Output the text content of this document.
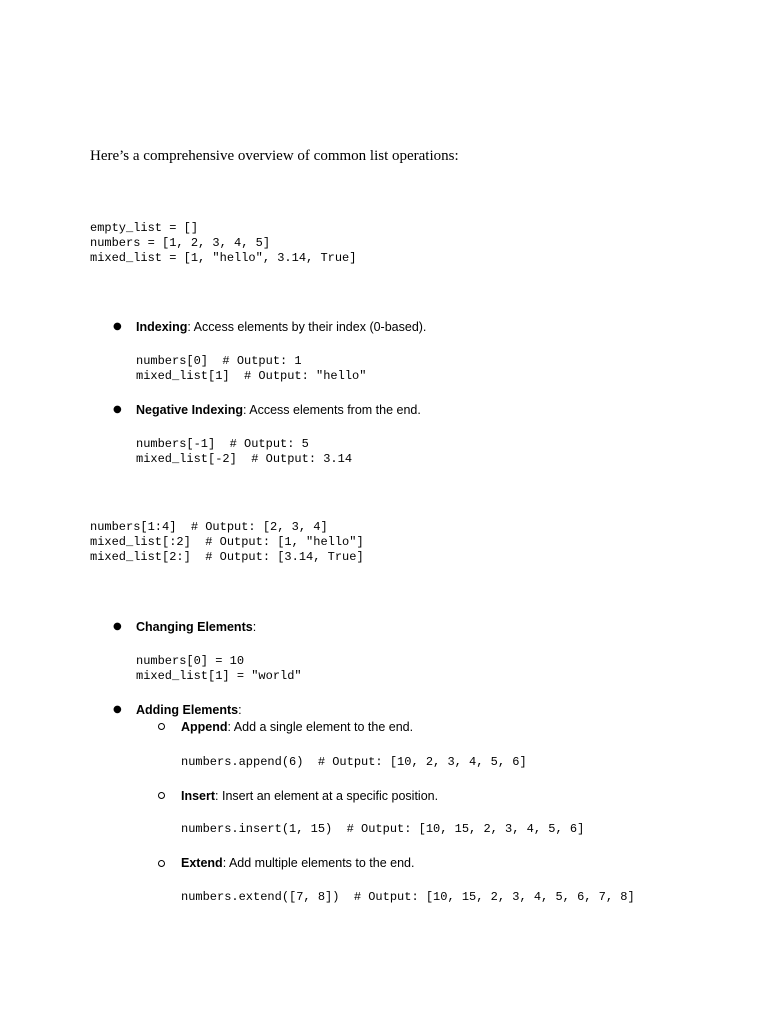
Here’s a comprehensive overview of common list operations:
empty_list = []
numbers = [1, 2, 3, 4, 5]
mixed_list = [1, "hello", 3.14, True]
● Indexing: Access elements by their index (0-based).
numbers[0]  # Output: 1
mixed_list[1]  # Output: "hello"
● Negative Indexing: Access elements from the end.
numbers[-1]  # Output: 5
mixed_list[-2]  # Output: 3.14
numbers[1:4]  # Output: [2, 3, 4]
mixed_list[:2]  # Output: [1, "hello"]
mixed_list[2:]  # Output: [3.14, True]
● Changing Elements:
numbers[0] = 10
mixed_list[1] = "world"
● Adding Elements:
Append: Add a single element to the end.
numbers.append(6)  # Output: [10, 2, 3, 4, 5, 6]
Insert: Insert an element at a specific position.
numbers.insert(1, 15)  # Output: [10, 15, 2, 3, 4, 5, 6]
Extend: Add multiple elements to the end.
numbers.extend([7, 8])  # Output: [10, 15, 2, 3, 4, 5, 6, 7, 8]
